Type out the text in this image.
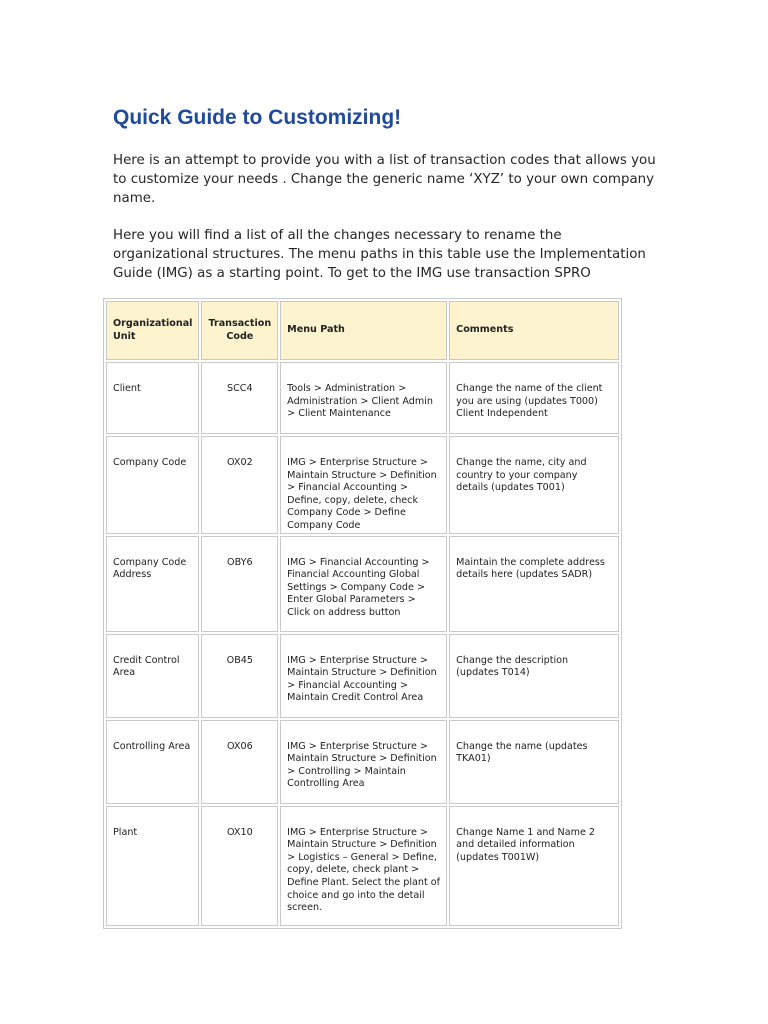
Quick Guide to Customizing!

Here is an attempt to provide you with a list of transaction codes that allows you to customize your needs . Change the generic name ‘XYZ’ to your own company name.

Here you will find a list of all the changes necessary to rename the organizational structures. The menu paths in this table use the Implementation Guide (IMG) as a starting point. To get to the IMG use transaction SPRO

Organizational Unit	Transaction Code	Menu Path	Comments
Client	SCC4	Tools > Administration > Administration > Client Admin > Client Maintenance	Change the name of the client you are using (updates T000) Client Independent
Company Code	OX02	IMG > Enterprise Structure > Maintain Structure > Definition > Financial Accounting > Define, copy, delete, check Company Code > Define Company Code	Change the name, city and country to your company details (updates T001)
Company Code Address	OBY6	IMG > Financial Accounting > Financial Accounting Global Settings > Company Code > Enter Global Parameters > Click on address button	Maintain the complete address details here (updates SADR)
Credit Control Area	OB45	IMG > Enterprise Structure > Maintain Structure > Definition > Financial Accounting > Maintain Credit Control Area	Change the description (updates T014)
Controlling Area	OX06	IMG > Enterprise Structure > Maintain Structure > Definition > Controlling > Maintain Controlling Area	Change the name (updates TKA01)
Plant	OX10	IMG > Enterprise Structure > Maintain Structure > Definition > Logistics – General > Define, copy, delete, check plant > Define Plant. Select the plant of choice and go into the detail screen.	Change Name 1 and Name 2 and detailed information (updates T001W)
